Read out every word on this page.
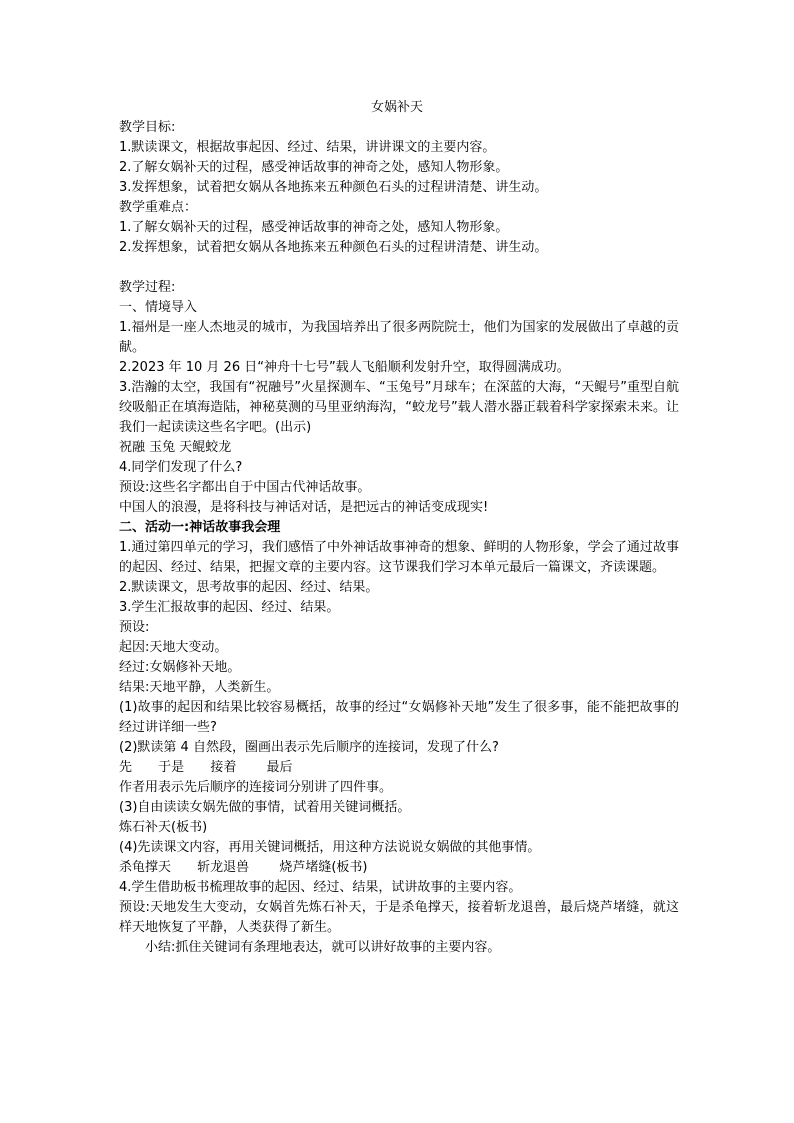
女娲补天
教学目标:
1.默读课文，根据故事起因、经过、结果，讲讲课文的主要内容。
2.了解女娲补天的过程，感受神话故事的神奇之处，感知人物形象。
3.发挥想象，试着把女娲从各地拣来五种颜色石头的过程讲清楚、讲生动。
教学重难点：
1.了解女娲补天的过程，感受神话故事的神奇之处，感知人物形象。
2.发挥想象，试着把女娲从各地拣来五种颜色石头的过程讲清楚、讲生动。
教学过程:
一、情境导入
1.福州是一座人杰地灵的城市，为我国培养出了很多两院院士，他们为国家的发展做出了卓越的贡献。
2.2023 年 10 月 26 日“神舟十七号”载人飞船顺利发射升空，取得圆满成功。
3.浩瀚的太空，我国有“祝融号”火星探测车、“玉兔号”月球车；在深蓝的大海，“天鲲号”重型自航绞吸船正在填海造陆，神秘莫测的马里亚纳海沟，“蛟龙号”载人潜水器正载着科学家探索未来。让我们一起读读这些名字吧。(出示)
祝融 玉兔 天鲲蛟龙
4.同学们发现了什么?
预设:这些名字都出自于中国古代神话故事。
中国人的浪漫，是将科技与神话对话，是把远古的神话变成现实!
二、活动一:神话故事我会理
1.通过第四单元的学习，我们感悟了中外神话故事神奇的想象、鲜明的人物形象，学会了通过故事的起因、经过、结果，把握文章的主要内容。这节课我们学习本单元最后一篇课文，齐读课题。
2.默读课文，思考故事的起因、经过、结果。
3.学生汇报故事的起因、经过、结果。
预设:
起因:天地大变动。
经过:女娲修补天地。
结果:天地平静，人类新生。
(1)故事的起因和结果比较容易概括，故事的经过“女娲修补天地”发生了很多事，能不能把故事的经过讲详细一些?
(2)默读第 4 自然段，圈画出表示先后顺序的连接词，发现了什么?
先 于是 接着 最后
作者用表示先后顺序的连接词分别讲了四件事。
(3)自由读读女娲先做的事情，试着用关键词概括。
炼石补天(板书)
(4)先读课文内容，再用关键词概括，用这种方法说说女娲做的其他事情。
杀龟撑天 斩龙退兽 烧芦堵缝(板书)
4.学生借助板书梳理故事的起因、经过、结果，试讲故事的主要内容。
预设:天地发生大变动，女娲首先炼石补天，于是杀龟撑天，接着斩龙退兽，最后烧芦堵缝，就这样天地恢复了平静，人类获得了新生。
小结:抓住关键词有条理地表达，就可以讲好故事的主要内容。
